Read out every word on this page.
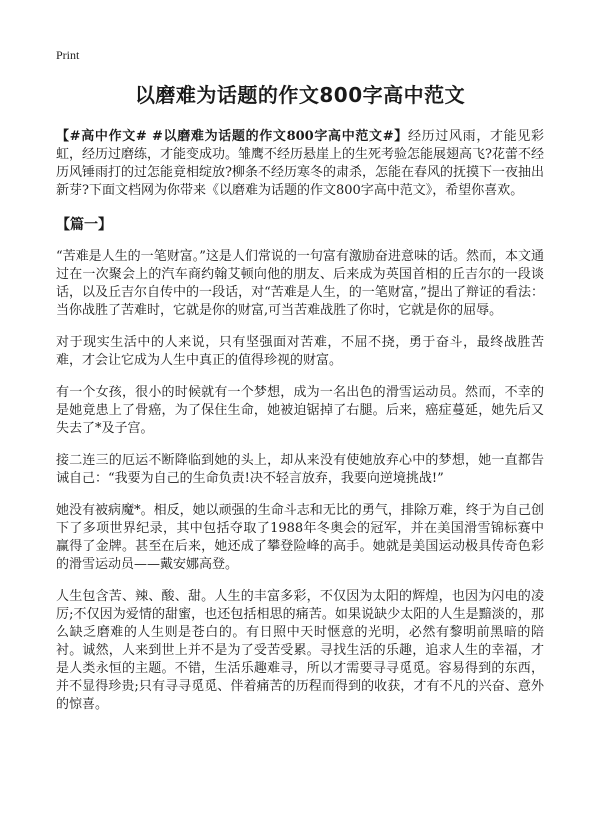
Print
以磨难为话题的作文800字高中范文

【#高中作文# #以磨难为话题的作文800字高中范文#】经历过风雨，才能见彩虹，经历过磨练，才能变成功。雏鹰不经历悬崖上的生死考验怎能展翅高飞?花蕾不经历风锤雨打的过怎能竟相绽放?柳条不经历寒冬的肃杀，怎能在春风的抚摸下一夜抽出新芽?下面文档网为你带来《以磨难为话题的作文800字高中范文》，希望你喜欢。

【篇一】

“苦难是人生的一笔财富。”这是人们常说的一句富有激励奋进意味的话。然而，本文通过在一次聚会上的汽车商约翰艾顿向他的朋友、后来成为英国首相的丘吉尔的一段谈话，以及丘吉尔自传中的一段话，对“苦难是人生，的一笔财富，”提出了辩证的看法：当你战胜了苦难时，它就是你的财富,可当苦难战胜了你时，它就是你的屈辱。

对于现实生活中的人来说，只有坚强面对苦难，不屈不挠，勇于奋斗，最终战胜苦难，才会让它成为人生中真正的值得珍视的财富。

有一个女孩，很小的时候就有一个梦想，成为一名出色的滑雪运动员。然而，不幸的是她竟患上了骨癌，为了保住生命，她被迫锯掉了右腿。后来，癌症蔓延，她先后又失去了*及子宫。

接二连三的厄运不断降临到她的头上，却从来没有使她放弃心中的梦想，她一直都告诫自己：“我要为自己的生命负责!决不轻言放弃，我要向逆境挑战!”

她没有被病魔*。相反，她以顽强的生命斗志和无比的勇气，排除万难，终于为自己创下了多项世界纪录，其中包括夺取了1988年冬奥会的冠军，并在美国滑雪锦标赛中赢得了金牌。甚至在后来，她还成了攀登险峰的高手。她就是美国运动极具传奇色彩的滑雪运动员——戴安娜高登。

人生包含苦、辣、酸、甜。人生的丰富多彩，不仅因为太阳的辉煌，也因为闪电的凌厉;不仅因为爱情的甜蜜，也还包括相思的痛苦。如果说缺少太阳的人生是黯淡的，那么缺乏磨难的人生则是苍白的。有日照中天时惬意的光明，必然有黎明前黑暗的陪衬。诚然，人来到世上并不是为了受苦受累。寻找生活的乐趣，追求人生的幸福，才是人类永恒的主题。不错，生活乐趣难寻，所以才需要寻寻觅觅。容易得到的东西，并不显得珍贵;只有寻寻觅觅、伴着痛苦的历程而得到的收获，才有不凡的兴奋、意外的惊喜。
